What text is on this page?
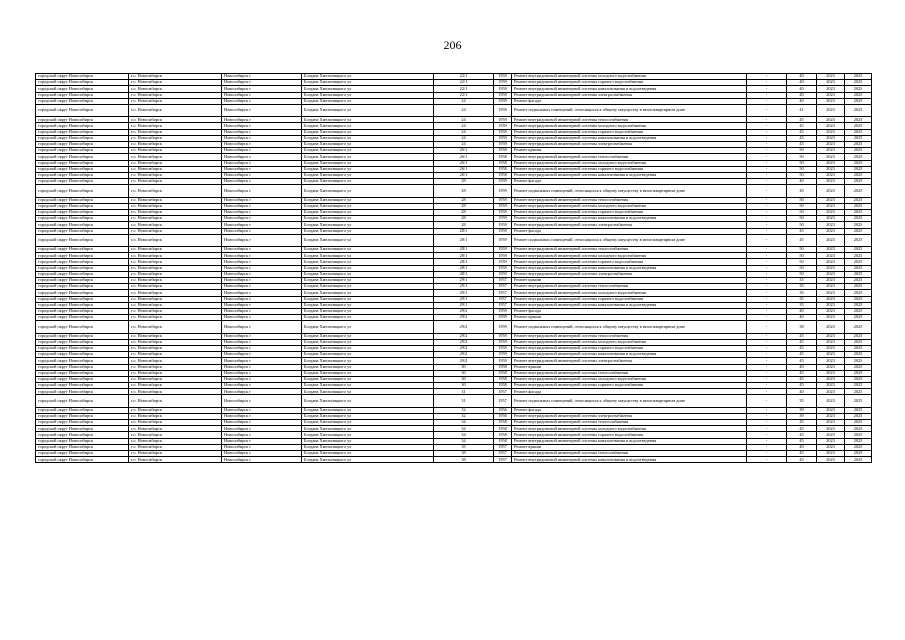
206
городской округ Новосибирск	г.о. Новосибирск	Новосибирск г	Богдана Хмельницкого ул	22/1	1959	Ремонт внутридомовой инженерной системы холодного водоснабжения	-	40	2023	2025
городской округ Новосибирск	г.о. Новосибирск	Новосибирск г	Богдана Хмельницкого ул	22/1	1959	Ремонт внутридомовой инженерной системы горячего водоснабжения	-	40	2023	2025
городской округ Новосибирск	г.о. Новосибирск	Новосибирск г	Богдана Хмельницкого ул	22/1	1959	Ремонт внутридомовой инженерной системы канализования и водоотведения	-	40	2023	2025
городской округ Новосибирск	г.о. Новосибирск	Новосибирск г	Богдана Хмельницкого ул	22/1	1959	Ремонт внутридомовой инженерной системы электроснабжения	-	40	2023	2025
городской округ Новосибирск	г.о. Новосибирск	Новосибирск г	Богдана Хмельницкого ул	24	1959	Ремонт фасада	-	40	2023	2025
городской округ Новосибирск	г.о. Новосибирск	Новосибирск г	Богдана Хмельницкого ул	24	1959	Ремонт подвальных помещений, относящихся к общему имуществу в многоквартирном доме	-	41	2023	2025
городской округ Новосибирск	г.о. Новосибирск	Новосибирск г	Богдана Хмельницкого ул	24	1959	Ремонт внутридомовой инженерной системы теплоснабжения	-	45	2023	2025
городской округ Новосибирск	г.о. Новосибирск	Новосибирск г	Богдана Хмельницкого ул	24	1959	Ремонт внутридомовой инженерной системы холодного водоснабжения	-	45	2023	2025
городской округ Новосибирск	г.о. Новосибирск	Новосибирск г	Богдана Хмельницкого ул	24	1959	Ремонт внутридомовой инженерной системы горячего водоснабжения	-	45	2023	2025
городской округ Новосибирск	г.о. Новосибирск	Новосибирск г	Богдана Хмельницкого ул	24	1959	Ремонт внутридомовой инженерной системы канализования и водоотведения	-	45	2023	2025
городской округ Новосибирск	г.о. Новосибирск	Новосибирск г	Богдана Хмельницкого ул	24	1959	Ремонт внутридомовой инженерной системы электроснабжения	-	45	2023	2025
городской округ Новосибирск	г.о. Новосибирск	Новосибирск г	Богдана Хмельницкого ул	26/1	1958	Ремонт крыши	-	50	2023	2025
городской округ Новосибирск	г.о. Новосибирск	Новосибирск г	Богдана Хмельницкого ул	26/1	1958	Ремонт внутридомовой инженерной системы теплоснабжения	-	50	2023	2025
городской округ Новосибирск	г.о. Новосибирск	Новосибирск г	Богдана Хмельницкого ул	26/1	1958	Ремонт внутридомовой инженерной системы холодного водоснабжения	-	50	2023	2025
городской округ Новосибирск	г.о. Новосибирск	Новосибирск г	Богдана Хмельницкого ул	26/1	1958	Ремонт внутридомовой инженерной системы горячего водоснабжения	-	50	2023	2025
городской округ Новосибирск	г.о. Новосибирск	Новосибирск г	Богдана Хмельницкого ул	26/1	1958	Ремонт внутридомовой инженерной системы канализования и водоотведения	-	50	2023	2025
городской округ Новосибирск	г.о. Новосибирск	Новосибирск г	Богдана Хмельницкого ул	28	1959	Ремонт фасада	-	40	2023	2025
городской округ Новосибирск	г.о. Новосибирск	Новосибирск г	Богдана Хмельницкого ул	28	1959	Ремонт подвальных помещений, относящихся к общему имуществу в многоквартирном доме	-	40	2023	2025
городской округ Новосибирск	г.о. Новосибирск	Новосибирск г	Богдана Хмельницкого ул	28	1959	Ремонт внутридомовой инженерной системы теплоснабжения	-	50	2023	2025
городской округ Новосибирск	г.о. Новосибирск	Новосибирск г	Богдана Хмельницкого ул	28	1959	Ремонт внутридомовой инженерной системы холодного водоснабжения	-	50	2023	2025
городской округ Новосибирск	г.о. Новосибирск	Новосибирск г	Богдана Хмельницкого ул	28	1959	Ремонт внутридомовой инженерной системы горячего водоснабжения	-	50	2023	2025
городской округ Новосибирск	г.о. Новосибирск	Новосибирск г	Богдана Хмельницкого ул	28	1959	Ремонт внутридомовой инженерной системы канализования и водоотведения	-	50	2023	2025
городской округ Новосибирск	г.о. Новосибирск	Новосибирск г	Богдана Хмельницкого ул	28	1959	Ремонт внутридомовой инженерной системы электроснабжения	-	50	2023	2025
городской округ Новосибирск	г.о. Новосибирск	Новосибирск г	Богдана Хмельницкого ул	28/1	1959	Ремонт фасада	-	45	2023	2025
городской округ Новосибирск	г.о. Новосибирск	Новосибирск г	Богдана Хмельницкого ул	28/1	1959	Ремонт подвальных помещений, относящихся к общему имуществу в многоквартирном доме	-	45	2023	2025
городской округ Новосибирск	г.о. Новосибирск	Новосибирск г	Богдана Хмельницкого ул	28/1	1959	Ремонт внутридомовой инженерной системы теплоснабжения	-	50	2023	2025
городской округ Новосибирск	г.о. Новосибирск	Новосибирск г	Богдана Хмельницкого ул	28/1	1959	Ремонт внутридомовой инженерной системы холодного водоснабжения	-	50	2023	2025
городской округ Новосибирск	г.о. Новосибирск	Новосибирск г	Богдана Хмельницкого ул	28/1	1959	Ремонт внутридомовой инженерной системы горячего водоснабжения	-	50	2023	2025
городской округ Новосибирск	г.о. Новосибирск	Новосибирск г	Богдана Хмельницкого ул	28/1	1959	Ремонт внутридомовой инженерной системы канализования и водоотведения	-	50	2023	2025
городской округ Новосибирск	г.о. Новосибирск	Новосибирск г	Богдана Хмельницкого ул	28/1	1959	Ремонт внутридомовой инженерной системы электроснабжения	-	50	2023	2025
городской округ Новосибирск	г.о. Новосибирск	Новосибирск г	Богдана Хмельницкого ул	29/1	1957	Ремонт крыши	-	35	2023	2025
городской округ Новосибирск	г.о. Новосибирск	Новосибирск г	Богдана Хмельницкого ул	29/1	1957	Ремонт внутридомовой инженерной системы теплоснабжения	-	35	2023	2025
городской округ Новосибирск	г.о. Новосибирск	Новосибирск г	Богдана Хмельницкого ул	29/1	1957	Ремонт внутридомовой инженерной системы холодного водоснабжения	-	35	2023	2025
городской округ Новосибирск	г.о. Новосибирск	Новосибирск г	Богдана Хмельницкого ул	29/1	1957	Ремонт внутридомовой инженерной системы горячего водоснабжения	-	35	2023	2025
городской округ Новосибирск	г.о. Новосибирск	Новосибирск г	Богдана Хмельницкого ул	29/1	1957	Ремонт внутридомовой инженерной системы канализования и водоотведения	-	35	2023	2025
городской округ Новосибирск	г.о. Новосибирск	Новосибирск г	Богдана Хмельницкого ул	29/2	1959	Ремонт фасада	-	40	2023	2025
городской округ Новосибирск	г.о. Новосибирск	Новосибирск г	Богдана Хмельницкого ул	29/2	1959	Ремонт крыши	-	40	2023	2025
городской округ Новосибирск	г.о. Новосибирск	Новосибирск г	Богдана Хмельницкого ул	29/2	1959	Ремонт подвальных помещений, относящихся к общему имуществу в многоквартирном доме	-	38	2023	2025
городской округ Новосибирск	г.о. Новосибирск	Новосибирск г	Богдана Хмельницкого ул	29/2	1959	Ремонт внутридомовой инженерной системы теплоснабжения	-	45	2023	2025
городской округ Новосибирск	г.о. Новосибирск	Новосибирск г	Богдана Хмельницкого ул	29/2	1959	Ремонт внутридомовой инженерной системы холодного водоснабжения	-	45	2023	2025
городской округ Новосибирск	г.о. Новосибирск	Новосибирск г	Богдана Хмельницкого ул	29/2	1959	Ремонт внутридомовой инженерной системы горячего водоснабжения	-	45	2023	2025
городской округ Новосибирск	г.о. Новосибирск	Новосибирск г	Богдана Хмельницкого ул	29/2	1959	Ремонт внутридомовой инженерной системы канализования и водоотведения	-	45	2023	2025
городской округ Новосибирск	г.о. Новосибирск	Новосибирск г	Богдана Хмельницкого ул	29/2	1959	Ремонт внутридомовой инженерной системы электроснабжения	-	45	2023	2025
городской округ Новосибирск	г.о. Новосибирск	Новосибирск г	Богдана Хмельницкого ул	30	1958	Ремонт крыши	-	40	2023	2025
городской округ Новосибирск	г.о. Новосибирск	Новосибирск г	Богдана Хмельницкого ул	30	1958	Ремонт внутридомовой инженерной системы теплоснабжения	-	45	2023	2025
городской округ Новосибирск	г.о. Новосибирск	Новосибирск г	Богдана Хмельницкого ул	30	1958	Ремонт внутридомовой инженерной системы холодного водоснабжения	-	45	2023	2025
городской округ Новосибирск	г.о. Новосибирск	Новосибирск г	Богдана Хмельницкого ул	30	1958	Ремонт внутридомовой инженерной системы горячего водоснабжения	-	45	2023	2025
городской округ Новосибирск	г.о. Новосибирск	Новосибирск г	Богдана Хмельницкого ул	31	1957	Ремонт фасада	-	40	2023	2025
городской округ Новосибирск	г.о. Новосибирск	Новосибирск г	Богдана Хмельницкого ул	31	1957	Ремонт подвальных помещений, относящихся к общему имуществу в многоквартирном доме	-	35	2023	2025
городской округ Новосибирск	г.о. Новосибирск	Новосибирск г	Богдана Хмельницкого ул	32	1956	Ремонт фасада	-	39	2023	2025
городской округ Новосибирск	г.о. Новосибирск	Новосибирск г	Богдана Хмельницкого ул	32	1956	Ремонт внутридомовой инженерной системы электроснабжения	-	39	2023	2025
городской округ Новосибирск	г.о. Новосибирск	Новосибирск г	Богдана Хмельницкого ул	34	1958	Ремонт внутридомовой инженерной системы теплоснабжения	-	45	2023	2025
городской округ Новосибирск	г.о. Новосибирск	Новосибирск г	Богдана Хмельницкого ул	34	1958	Ремонт внутридомовой инженерной системы холодного водоснабжения	-	45	2023	2025
городской округ Новосибирск	г.о. Новосибирск	Новосибирск г	Богдана Хмельницкого ул	34	1958	Ремонт внутридомовой инженерной системы горячего водоснабжения	-	45	2023	2025
городской округ Новосибирск	г.о. Новосибирск	Новосибирск г	Богдана Хмельницкого ул	34	1958	Ремонт внутридомовой инженерной системы канализования и водоотведения	-	45	2023	2025
городской округ Новосибирск	г.о. Новосибирск	Новосибирск г	Богдана Хмельницкого ул	35	1957	Ремонт крыши	-	40	2023	2025
городской округ Новосибирск	г.о. Новосибирск	Новосибирск г	Богдана Хмельницкого ул	38	1957	Ремонт внутридомовой инженерной системы теплоснабжения	-	45	2023	2025
городской округ Новосибирск	г.о. Новосибирск	Новосибирск г	Богдана Хмельницкого ул	38	1957	Ремонт внутридомовой инженерной системы канализования и водоотведения	-	45	2023	2025
